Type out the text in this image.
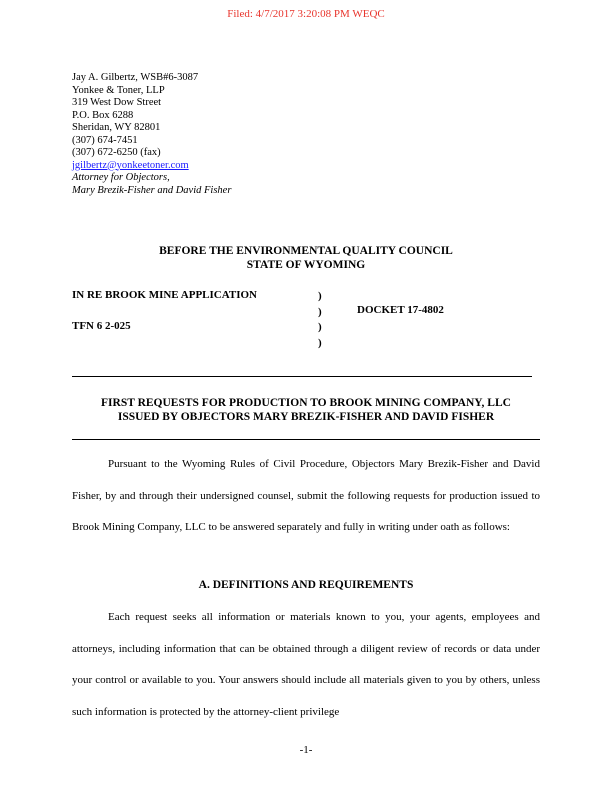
Filed: 4/7/2017 3:20:08 PM WEQC
Jay A. Gilbertz, WSB#6-3087
Yonkee & Toner, LLP
319 West Dow Street
P.O. Box 6288
Sheridan, WY 82801
(307) 674-7451
(307) 672-6250 (fax)
jgilbertz@yonkeetoner.com
Attorney for Objectors,
Mary Brezik-Fisher and David Fisher
BEFORE THE ENVIRONMENTAL QUALITY COUNCIL
STATE OF WYOMING
IN RE BROOK MINE APPLICATION
TFN 6 2-025
)
)
)
)
DOCKET 17-4802
FIRST REQUESTS FOR PRODUCTION TO BROOK MINING COMPANY, LLC
ISSUED BY OBJECTORS MARY BREZIK-FISHER AND DAVID FISHER

Pursuant to the Wyoming Rules of Civil Procedure, Objectors Mary Brezik-Fisher and David Fisher, by and through their undersigned counsel, submit the following requests for production issued to Brook Mining Company, LLC to be answered separately and fully in writing under oath as follows:

A. DEFINITIONS AND REQUIREMENTS

Each request seeks all information or materials known to you, your agents, employees and attorneys, including information that can be obtained through a diligent review of records or data under your control or available to you. Your answers should include all materials given to you by others, unless such information is protected by the attorney-client privilege

-1-
